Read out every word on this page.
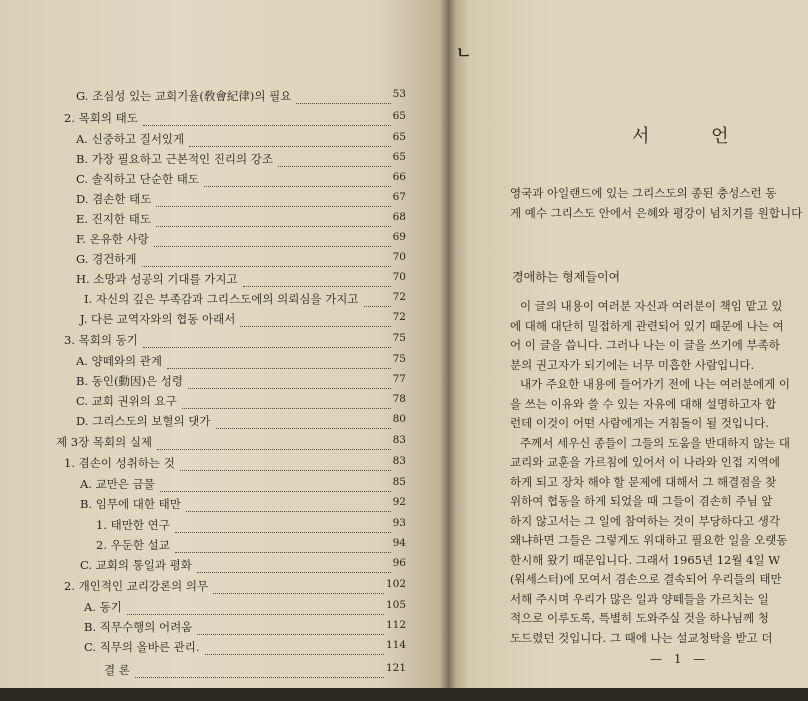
G. 조심성 있는 교회기율(敎會紀律)의 필요	53
2. 목회의 태도	65
A. 신중하고 질서있게	65
B. 가장 필요하고 근본적인 진리의 강조	65
C. 솔직하고 단순한 태도	66
D. 겸손한 태도	67
E. 진지한 태도	68
F. 온유한 사랑	69
G. 경건하게	70
H. 소망과 성공의 기대를 가지고	70
I. 자신의 깊은 부족감과 그리스도에의 의뢰심을 가지고	72
J. 다른 교역자와의 협동 아래서	72
3. 목회의 동기	75
A. 양떼와의 관계	75
B. 동인(動因)은 성령	77
C. 교회 권위의 요구	78
D. 그리스도의 보혈의 댓가	80
제 3장 목회의 실제	83
1. 겸손이 성취하는 것	83
A. 교만은 금물	85
B. 임무에 대한 태만	92
1. 태만한 연구	93
2. 우둔한 설교	94
C. 교회의 통일과 평화	96
2. 개인적인 교리강론의 의무	102
A. 동기	105
B. 직무수행의 어려움	112
C. 직무의 올바른 관리.	114
결 론	121
ㄴ
서 언
영국과 아일랜드에 있는 그리스도의 종된 충성스런 동
게 예수 그리스도 안에서 은혜와 평강이 넘치기를 원합니다
경애하는 형제들이여
이 글의 내용이 여러분 자신과 여러분이 책임 맡고 있
에 대해 대단히 밀접하게 관련되어 있기 때문에 나는 여
어 이 글을 씁니다. 그러나 나는 이 글을 쓰기에 부족하
분의 권고자가 되기에는 너무 미흡한 사람입니다.
내가 주요한 내용에 들어가기 전에 나는 여러분에게 이
을 쓰는 이유와 쓸 수 있는 자유에 대해 설명하고자 합
런데 이것이 어떤 사람에게는 거침돌이 될 것입니다.
주께서 세우신 종들이 그들의 도움을 반대하지 않는 대
교리와 교훈을 가르침에 있어서 이 나라와 인접 지역에
하게 되고 장차 해야 할 문제에 대해서 그 해결점을 찾
위하여 협동을 하게 되었을 때 그들이 겸손히 주님 앞
하지 않고서는 그 일에 참여하는 것이 부당하다고 생각
왜냐하면 그들은 그렇게도 위대하고 필요한 일을 오랫동
한시해 왔기 때문입니다. 그래서 1965년 12월 4일 W
(워세스터)에 모여서 겸손으로 결속되어 우리들의 태만
서해 주시며 우리가 많은 일과 양떼들을 가르치는 일
적으로 이루도록, 특별히 도와주실 것을 하나님께 청
도드렸던 것입니다. 그 때에 나는 설교청탁을 받고 더
— 1 —
